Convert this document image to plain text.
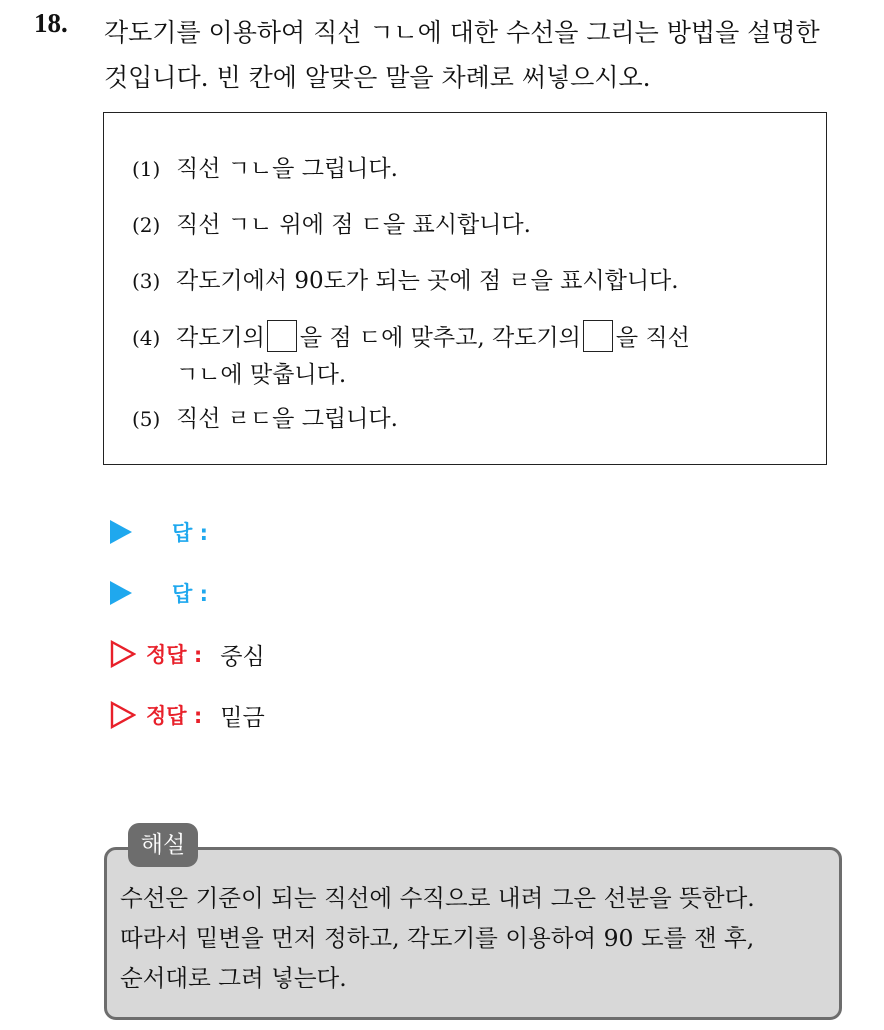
18. 각도기를 이용하여 직선 ㄱㄴ에 대한 수선을 그리는 방법을 설명한
것입니다. 빈 칸에 알맞은 말을 차례로 써넣으시오.
(1) 직선 ㄱㄴ을 그립니다.
(2) 직선 ㄱㄴ 위에 점 ㄷ을 표시합니다.
(3) 각도기에서 90도가 되는 곳에 점 ㄹ을 표시합니다.
(4) 각도기의 을 점 ㄷ에 맞추고, 각도기의 을 직선
ㄱㄴ에 맞춥니다.
(5) 직선 ㄹㄷ을 그립니다.
답 :
답 :
정답 : 중심
정답 : 밑금
해설
수선은 기준이 되는 직선에 수직으로 내려 그은 선분을 뜻한다.
따라서 밑변을 먼저 정하고, 각도기를 이용하여 90 도를 잰 후,
순서대로 그려 넣는다.
